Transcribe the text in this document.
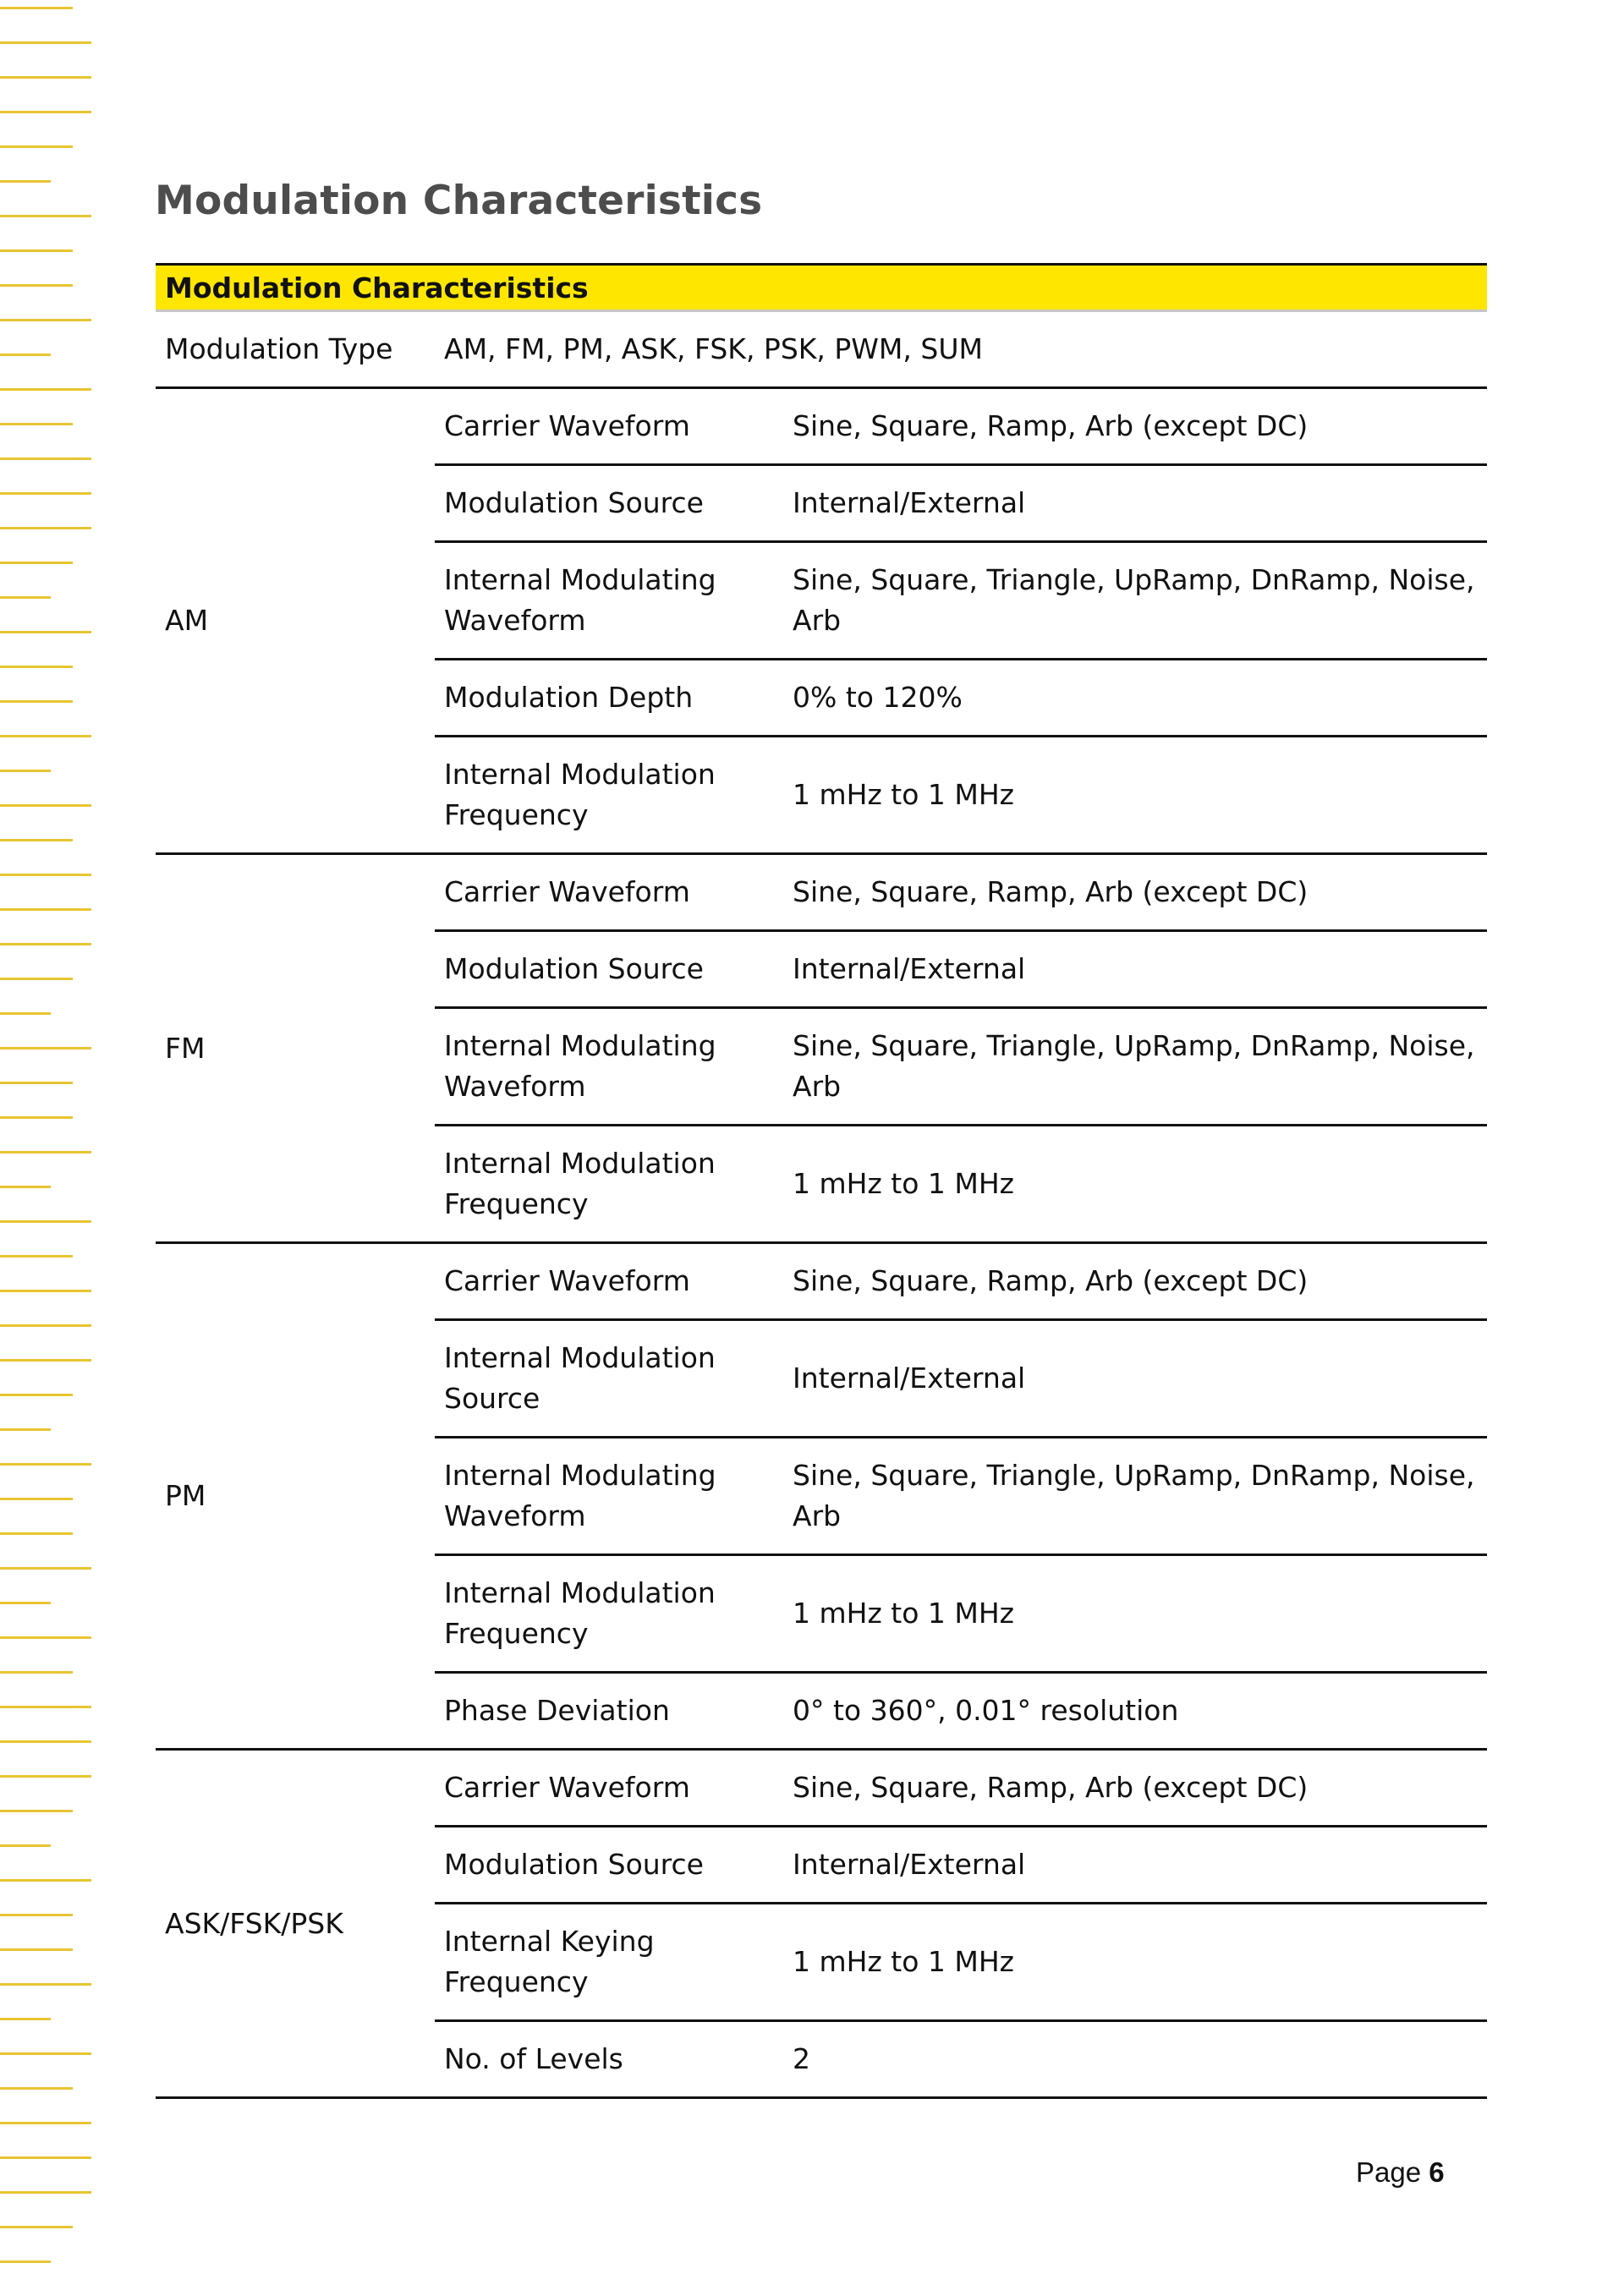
Modulation Characteristics
Modulation Characteristics		
Modulation Type	AM, FM, PM, ASK, FSK, PSK, PWM, SUM	
AM	Carrier Waveform	Sine, Square, Ramp, Arb (except DC)
	Modulation Source	Internal/External
	Internal Modulating Waveform	Sine, Square, Triangle, UpRamp, DnRamp, Noise, Arb
	Modulation Depth	0% to 120%
	Internal Modulation Frequency	1 mHz to 1 MHz
FM	Carrier Waveform	Sine, Square, Ramp, Arb (except DC)
	Modulation Source	Internal/External
	Internal Modulating Waveform	Sine, Square, Triangle, UpRamp, DnRamp, Noise, Arb
	Internal Modulation Frequency	1 mHz to 1 MHz
PM	Carrier Waveform	Sine, Square, Ramp, Arb (except DC)
	Internal Modulation Source	Internal/External
	Internal Modulating Waveform	Sine, Square, Triangle, UpRamp, DnRamp, Noise, Arb
	Internal Modulation Frequency	1 mHz to 1 MHz
	Phase Deviation	0° to 360°, 0.01° resolution
ASK/FSK/PSK	Carrier Waveform	Sine, Square, Ramp, Arb (except DC)
	Modulation Source	Internal/External
	Internal Keying Frequency	1 mHz to 1 MHz
	No. of Levels	2
Page 6
